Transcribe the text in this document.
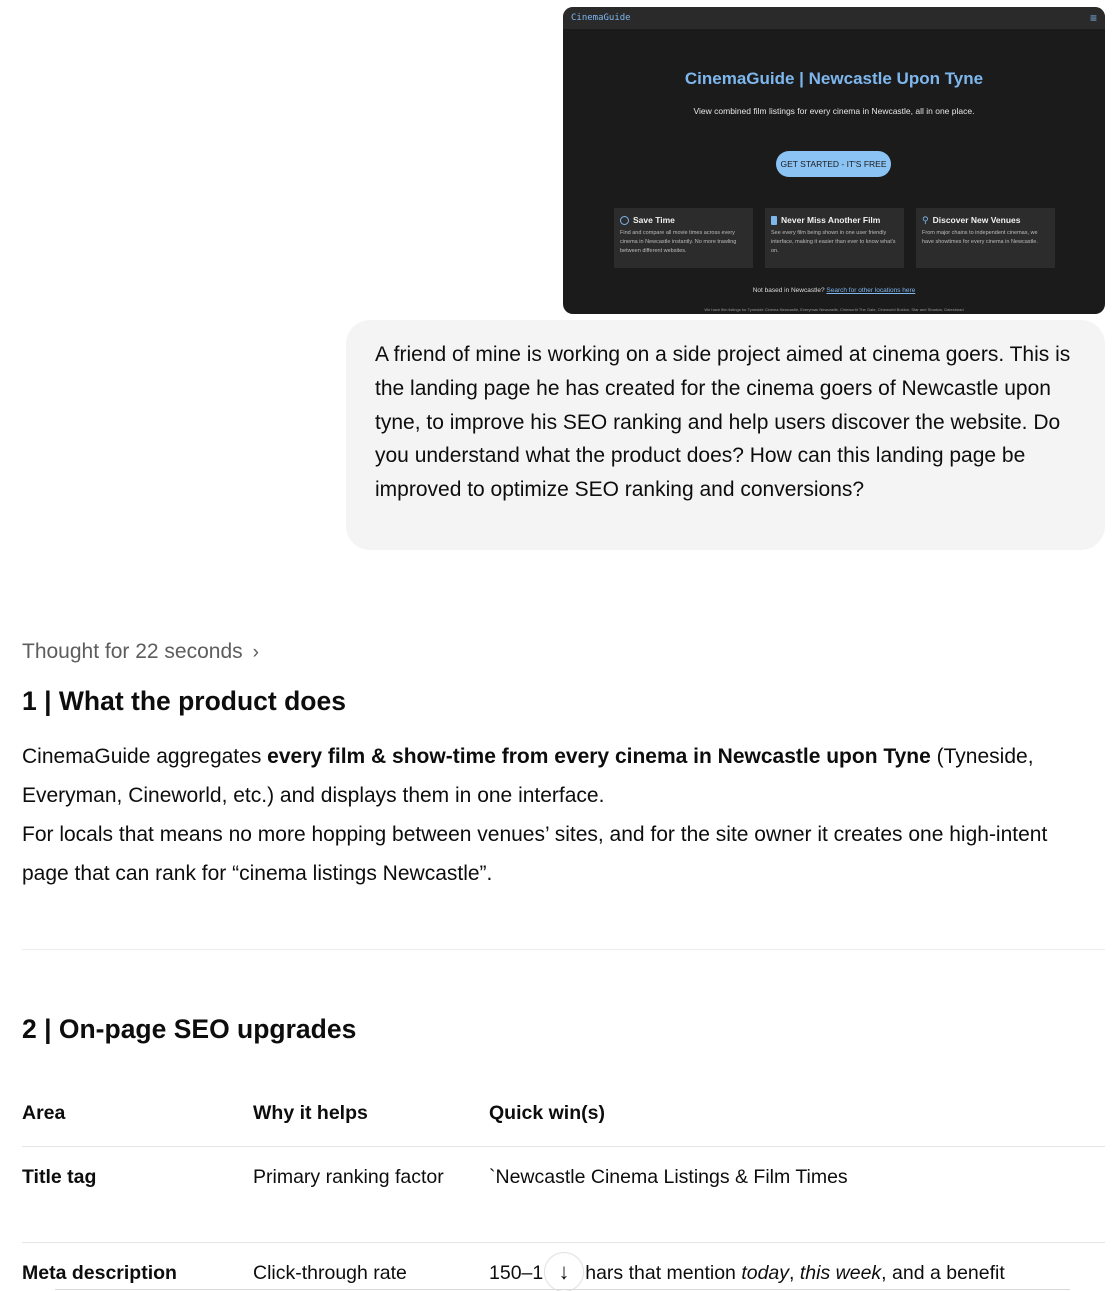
CinemaGuide	≡
CinemaGuide | Newcastle Upon Tyne
View combined film listings for every cinema in Newcastle, all in one place.
GET STARTED - IT'S FREE
Save Time
Find and compare all movie times across every cinema in Newcastle instantly. No more trawling between different websites.
Never Miss Another Film
See every film being shown in one user friendly interface, making it easier than ever to know what's on.
⚲ Discover New Venues
From major chains to independent cinemas, we have showtimes for every cinema in Newcastle.
Not based in Newcastle? Search for other locations here
We have film listings for Tyneside Cinema Newcastle, Everyman Newcastle, Cineworld The Gate, Cineworld Boldon, Star and Shadow, Gateshead
A friend of mine is working on a side project aimed at cinema goers. This is the landing page he has created for the cinema goers of Newcastle upon tyne, to improve his SEO ranking and help users discover the website. Do you understand what the product does? How can this landing page be improved to optimize SEO ranking and conversions?
Thought for 22 seconds ›
1 | What the product does
CinemaGuide aggregates every film & show-time from every cinema in Newcastle upon Tyne (Tyneside, Everyman, Cineworld, etc.) and displays them in one interface.
For locals that means no more hopping between venues’ sites, and for the site owner it creates one high-intent page that can rank for “cinema listings Newcastle”.
2 | On-page SEO upgrades
Area	Why it helps	Quick win(s)
Title tag	Primary ranking factor	`Newcastle Cinema Listings & Film Times
Meta description	Click-through rate	150–1 hars that mention today, this week, and a benefit
↓
